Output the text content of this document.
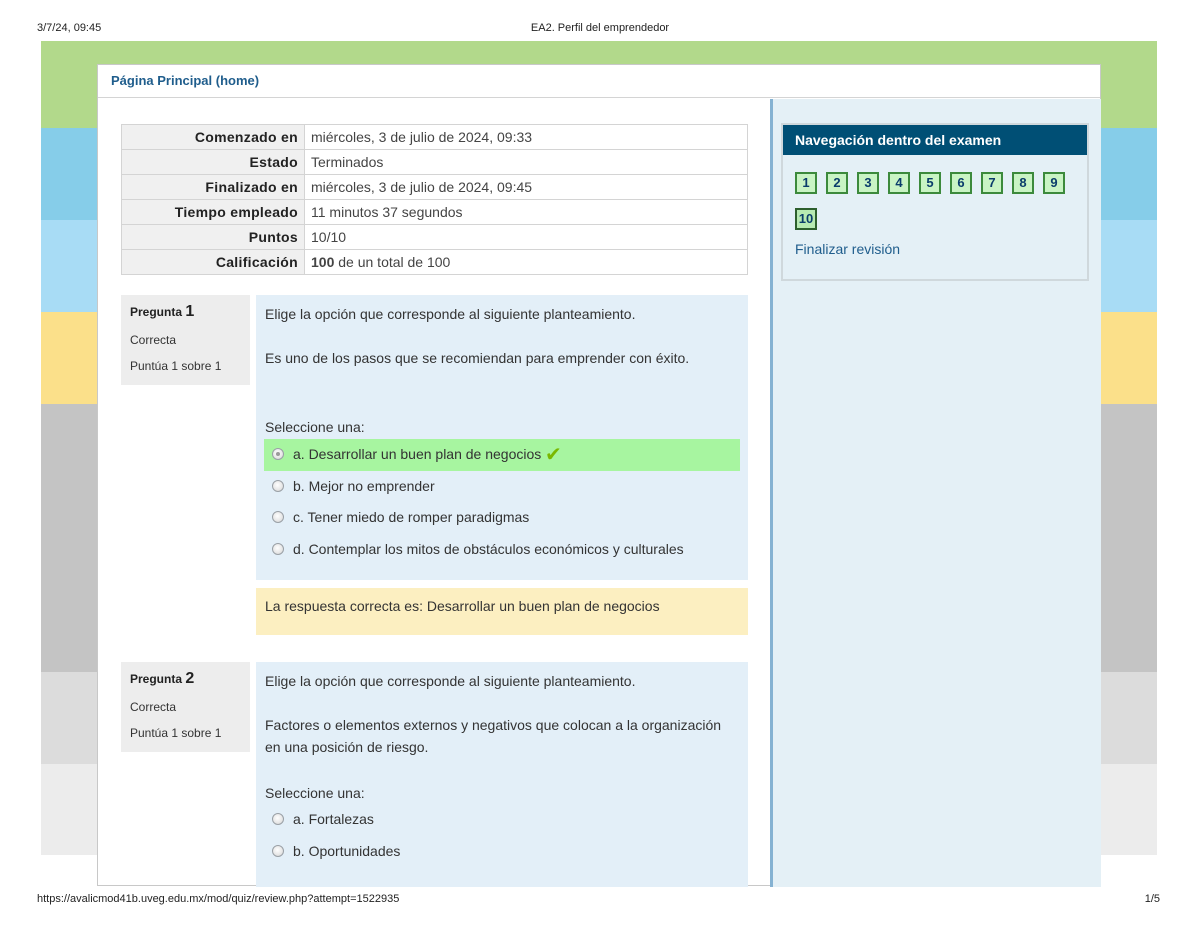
3/7/24, 09:45	EA2. Perfil del emprendedor
https://avalicmod41b.uveg.edu.mx/mod/quiz/review.php?attempt=1522935	1/5
Página Principal (home)
Comenzado en	miércoles, 3 de julio de 2024, 09:33
Estado	Terminados
Finalizado en	miércoles, 3 de julio de 2024, 09:45
Tiempo empleado	11 minutos 37 segundos
Puntos	10/10
Calificación	100 de un total de 100
Pregunta 1
Correcta
Puntúa 1 sobre 1
Elige la opción que corresponde al siguiente planteamiento.
Es uno de los pasos que se recomiendan para emprender con éxito.
Seleccione una:
a. Desarrollar un buen plan de negocios ✔
b. Mejor no emprender
c. Tener miedo de romper paradigmas
d. Contemplar los mitos de obstáculos económicos y culturales
La respuesta correcta es: Desarrollar un buen plan de negocios
Pregunta 2
Correcta
Puntúa 1 sobre 1
Elige la opción que corresponde al siguiente planteamiento.
Factores o elementos externos y negativos que colocan a la organización en una posición de riesgo.
Seleccione una:
a. Fortalezas
b. Oportunidades
Navegación dentro del examen
1	2	3	4	5	6	7	8	9
10
Finalizar revisión
